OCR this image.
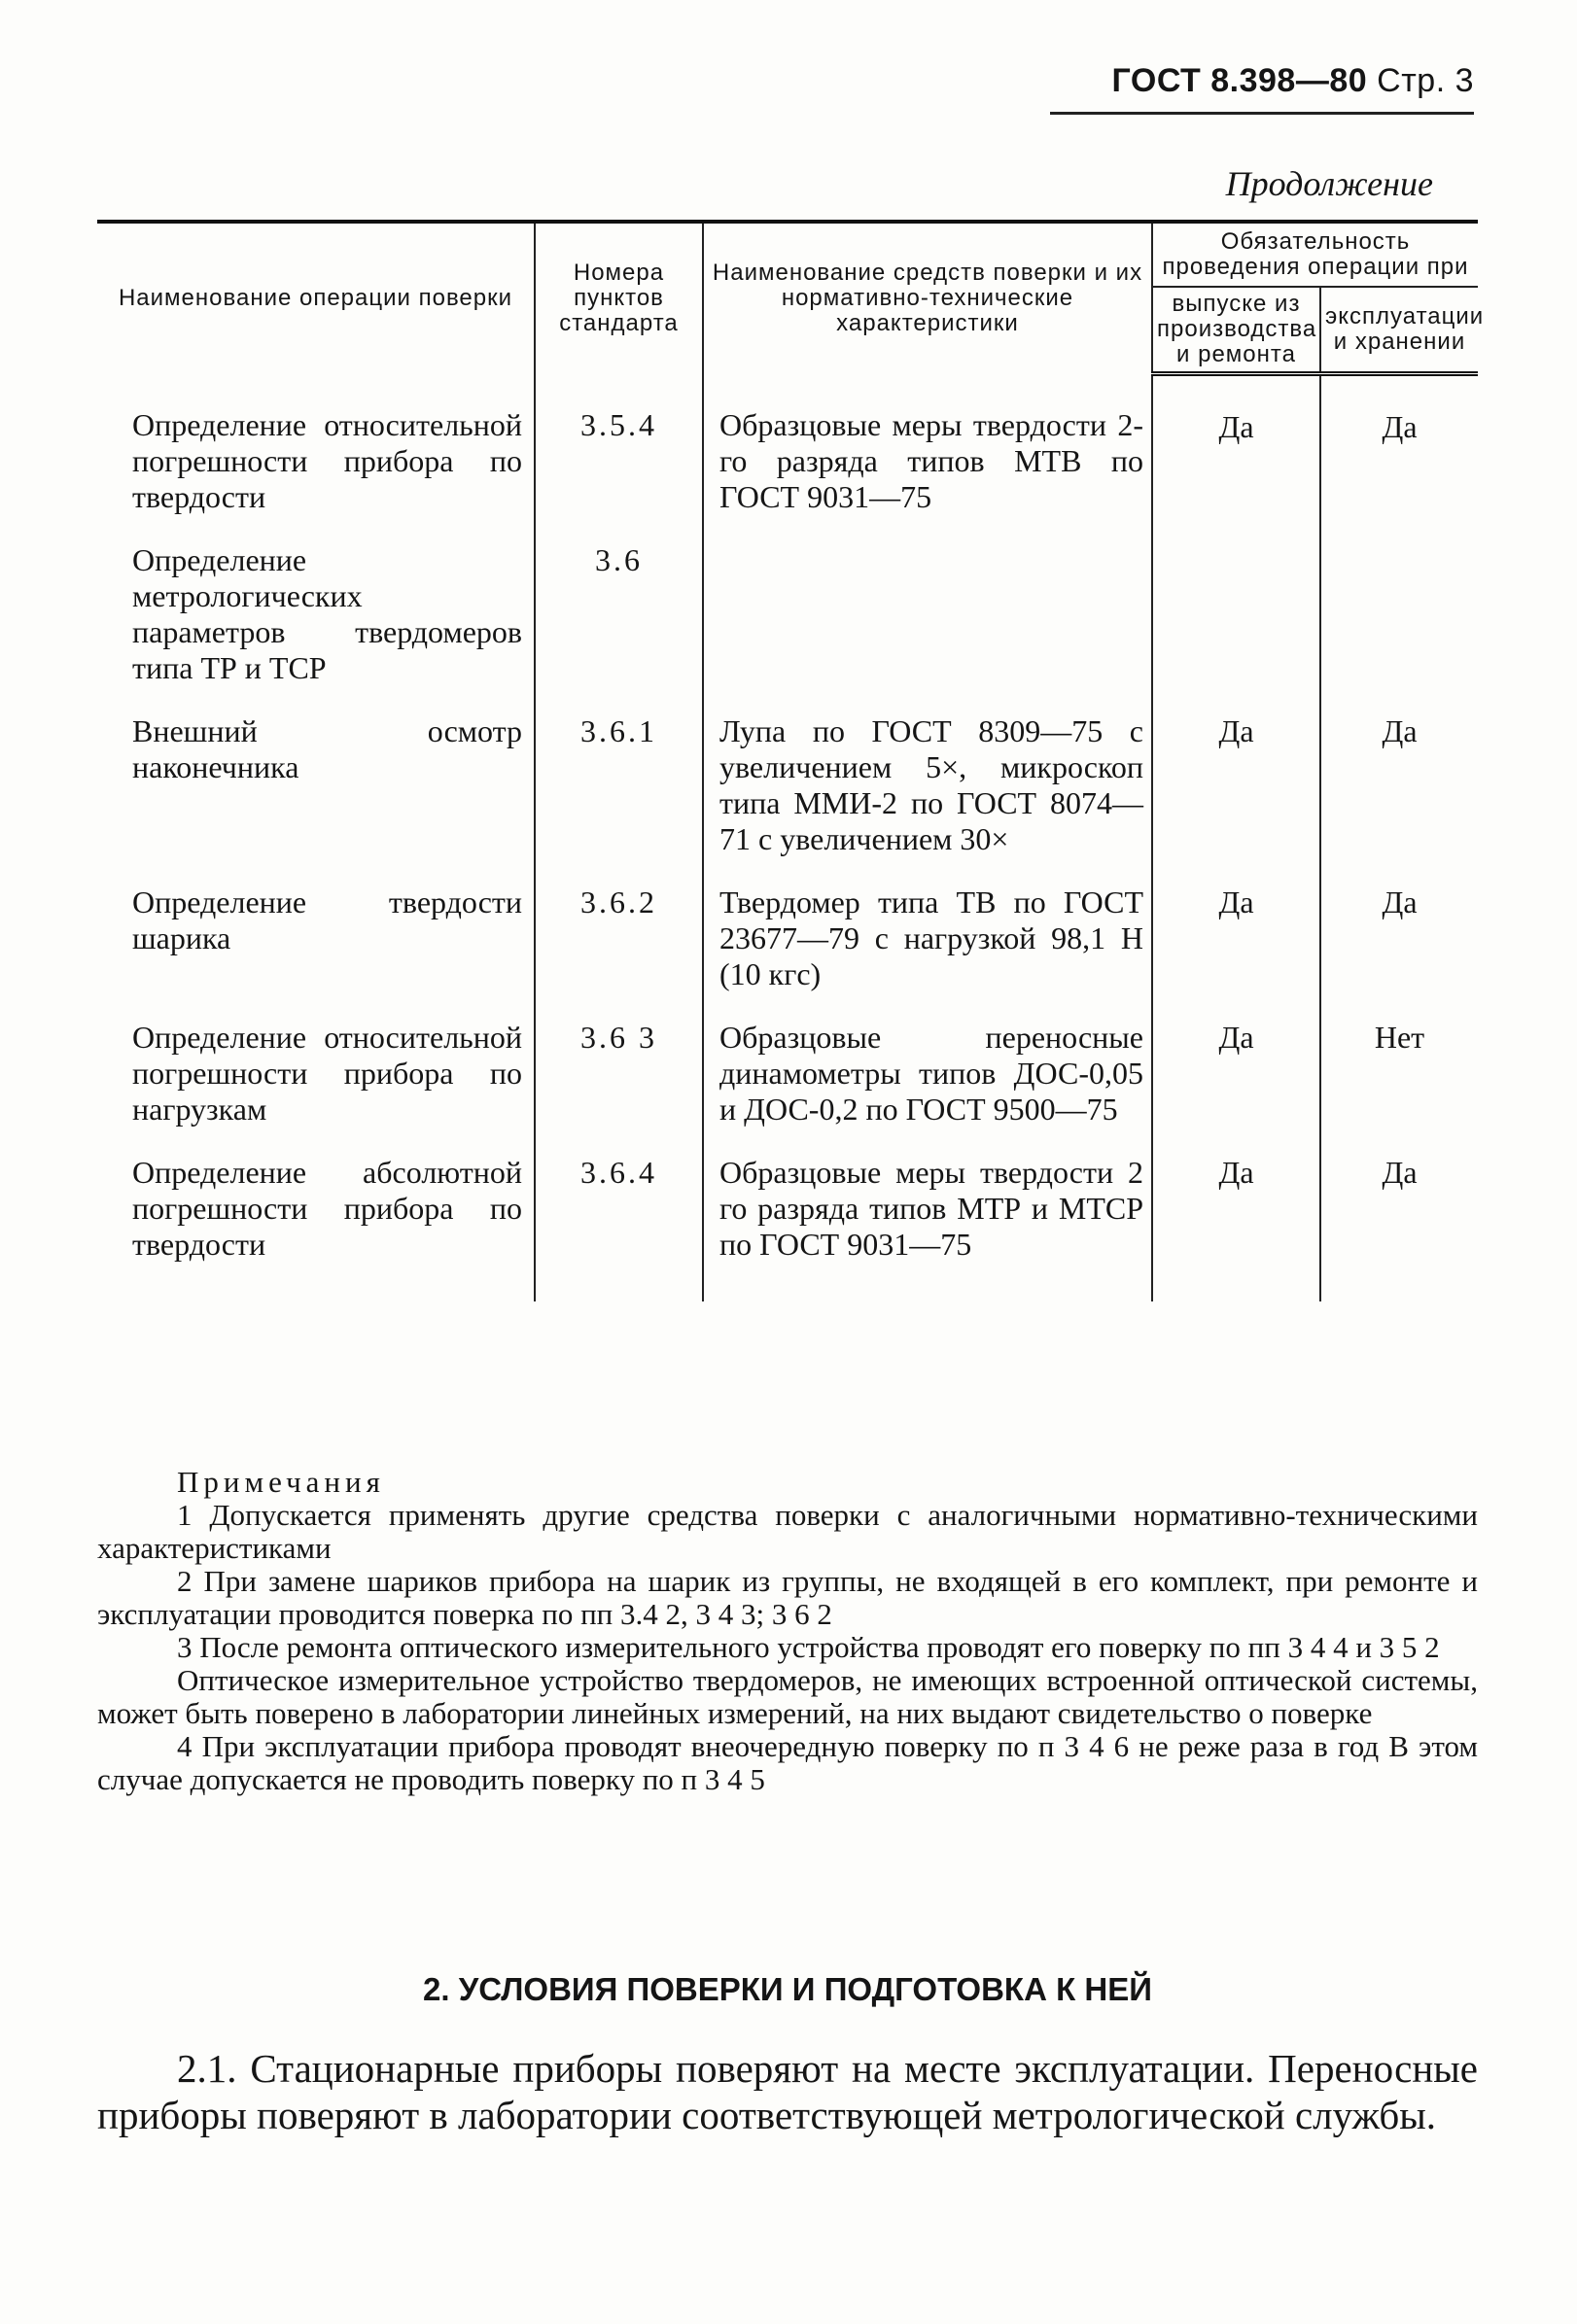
ГОСТ 8.398—80 Стр. 3
Продолжение
Наименование операции поверки	Номера пунктов стандарта	Наименование средств поверки и их нормативно-технические характеристики	Обязательность проведения операции при	
			выпуске из производства и ремонта	эксплуатации и хранении
Определение относительной погрешности прибора по твердости	3.5.4	Образцовые меры твердости 2-го разряда типов МТВ по ГОСТ 9031—75	Да	Да
Определение метрологических параметров твердомеров типа ТР и ТСР	3.6			
Внешний осмотр наконечника	3.6.1	Лупа по ГОСТ 8309—75 с увеличением 5×, микроскоп типа ММИ-2 по ГОСТ 8074—71 с увеличением 30×	Да	Да
Определение твердости шарика	3.6.2	Твердомер типа ТВ по ГОСТ 23677—79 с нагрузкой 98,1 Н (10 кгс)	Да	Да
Определение относительной погрешности прибора по нагрузкам	3.6 3	Образцовые переносные динамометры типов ДОС-0,05 и ДОС-0,2 по ГОСТ 9500—75	Да	Нет
Определение абсолютной погрешности прибора по твердости	3.6.4	Образцовые меры твердости 2 го разряда типов МТР и МТСР по ГОСТ 9031—75	Да	Да
Примечания

1 Допускается применять другие средства поверки с аналогичными нормативно-техническими характеристиками

2 При замене шариков прибора на шарик из группы, не входящей в его комплект, при ремонте и эксплуатации проводится поверка по пп 3.4 2, 3 4 3; 3 6 2

3 После ремонта оптического измерительного устройства проводят его поверку по пп 3 4 4 и 3 5 2

Оптическое измерительное устройство твердомеров, не имеющих встроенной оптической системы, может быть поверено в лаборатории линейных измерений, на них выдают свидетельство о поверке

4 При эксплуатации прибора проводят внеочередную поверку по п 3 4 6 не реже раза в год В этом случае допускается не проводить поверку по п 3 4 5

2. УСЛОВИЯ ПОВЕРКИ И ПОДГОТОВКА К НЕЙ

2.1. Стационарные приборы поверяют на месте эксплуатации. Переносные приборы поверяют в лаборатории соответствующей метрологической службы.
